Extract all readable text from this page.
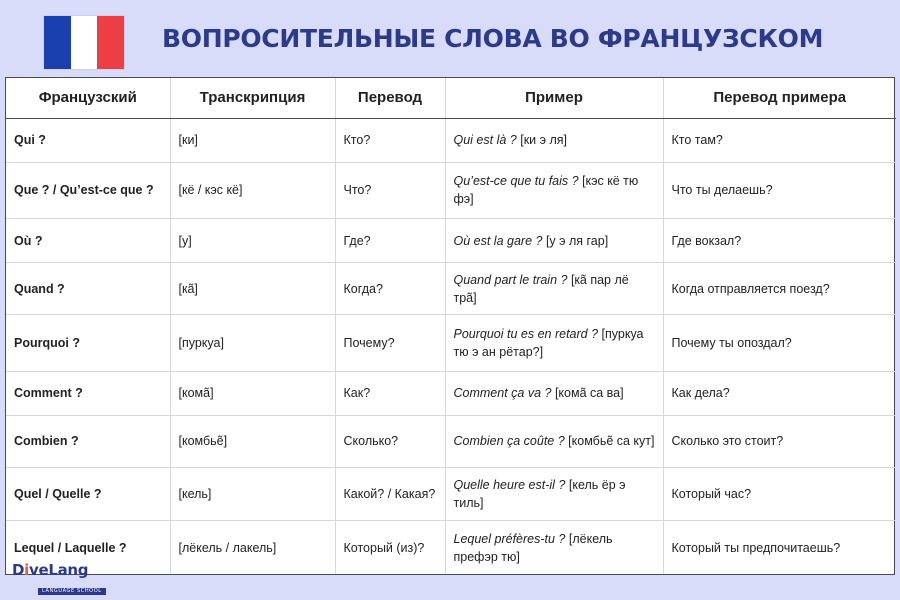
ВОПРОСИТЕЛЬНЫЕ СЛОВА ВО ФРАНЦУЗСКОМ
Французский	Транскрипция	Перевод	Пример	Перевод примера
Qui ?	[ки]	Кто?	Qui est là ? [ки э ля]	Кто там?
Que ? / Qu’est-ce que ?	[кё / кэс кё]	Что?	Qu’est-ce que tu fais ? [кэс кё тю фэ]	Что ты делаешь?
Où ?	[у]	Где?	Où est la gare ? [у э ля гар]	Где вокзал?
Quand ?	[кã]	Когда?	Quand part le train ? [кã пар лё трã]	Когда отправляется поезд?
Pourquoi ?	[пуркуа]	Почему?	Pourquoi tu es en retard ? [пуркуа тю э ан рётар?]	Почему ты опоздал?
Comment ?	[комã]	Как?	Comment ça va ? [комã са ва]	Как дела?
Combien ?	[комбьẽ]	Сколько?	Combien ça coûte ? [комбьẽ са кут]	Сколько это стоит?
Quel / Quelle ?	[кель]	Какой? / Какая?	Quelle heure est-il ? [кель ёр э тиль]	Который час?
Lequel / Laquelle ?	[лёкель / лакель]	Который (из)?	Lequel préfères-tu ? [лёкель префэр тю]	Который ты предпочитаешь?
DiveLang
LANGUAGE SCHOOL
